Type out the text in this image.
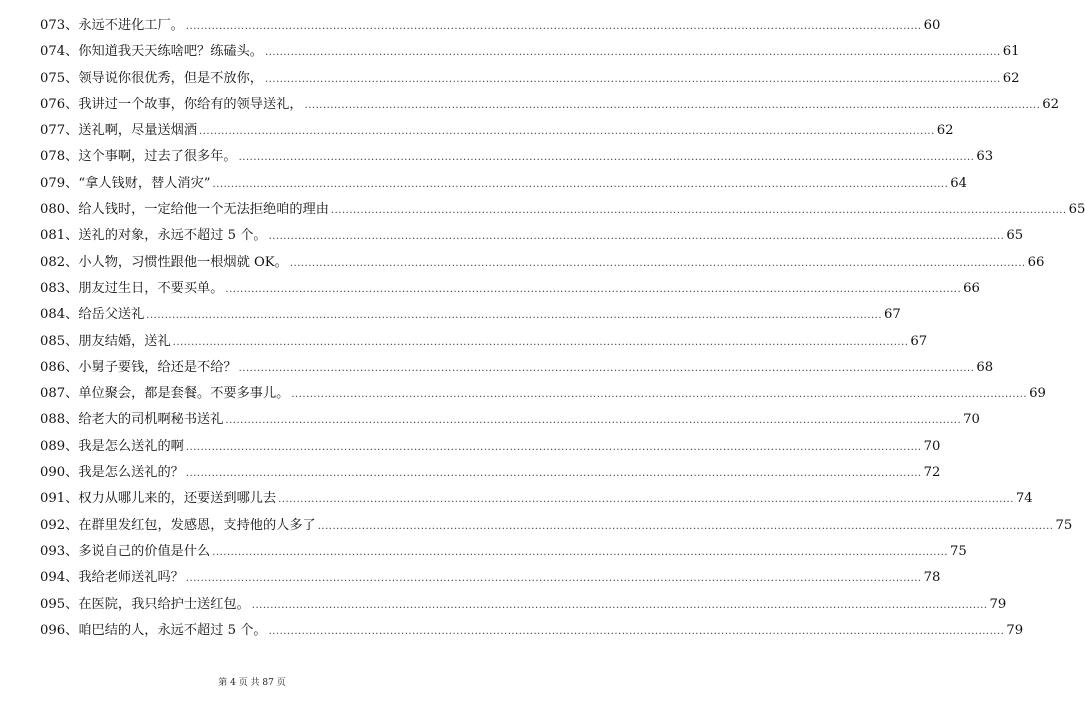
073、 永远不进化工厂。 .....	60
074、 你知道我天天练啥吧？练磕头。 .....	61
075、 领导说你很优秀，但是不放你， .....	62
076、 我讲过一个故事，你给有的领导送礼， .....	62
077、 送礼啊，尽量送烟酒 .....	62
078、 这个事啊，过去了很多年。 .....	63
079、 “拿人钱财，替人消灾” .....	64
080、 给人钱时，一定给他一个无法拒绝咱的理由 .....	65
081、 送礼的对象，永远不超过 5 个。 .....	65
082、 小人物，习惯性跟他一根烟就 OK。 .....	66
083、 朋友过生日，不要买单。 .....	66
084、 给岳父送礼 .....	67
085、 朋友结婚，送礼 .....	67
086、 小舅子要钱，给还是不给？ .....	68
087、 单位聚会，都是套餐。不要多事儿。 .....	69
088、 给老大的司机啊秘书送礼 .....	70
089、 我是怎么送礼的啊 .....	70
090、 我是怎么送礼的？ .....	72
091、 权力从哪儿来的，还要送到哪儿去 .....	74
092、 在群里发红包，发感恩，支持他的人多了 .....	75
093、 多说自己的价值是什么 .....	75
094、 我给老师送礼吗？ .....	78
095、 在医院，我只给护士送红包。 .....	79
096、 咱巴结的人，永远不超过 5 个。 .....	79
第 4 页 共 87 页
